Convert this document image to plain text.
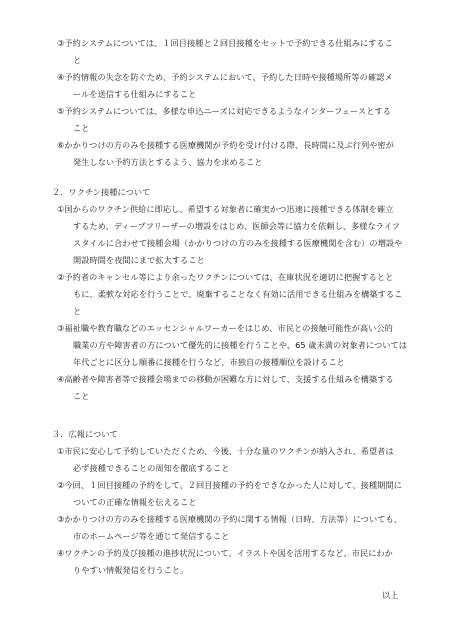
③予約システムについては、１回目接種と２回目接種をセットで予約できる仕組みにするこ
と
④予約情報の失念を防ぐため、予約システムにおいて、予約した日時や接種場所等の確認メ
ールを送信する仕組みにすること
⑤予約システムについては、多様な申込ニーズに対応できるようなインターフェースとする
こと
⑥かかりつけの方のみを接種する医療機関が予約を受け付ける際、長時間に及ぶ行列や密が
発生しない予約方法とするよう、協力を求めること
２．ワクチン接種について
①国からのワクチン供給に即応し、希望する対象者に確実かつ迅速に接種できる体制を確立
するため、ディープフリーザーの増設をはじめ、医師会等に協力を依頼し、多様なライフ
スタイルに合わせて接種会場（かかりつけの方のみを接種する医療機関を含む）の増設や
開設時間を夜間にまで拡大すること
②予約者のキャンセル等により余ったワクチンについては、在庫状況を適切に把握するとと
もに、柔軟な対応を行うことで、廃棄することなく有効に活用できる仕組みを構築するこ
と
③福祉職や教育職などのエッセンシャルワーカーをはじめ、市民との接触可能性が高い公的
職業の方や障害者の方について優先的に接種を行うことや、65 歳未満の対象者については
年代ごとに区分し順番に接種を行うなど、市独自の接種順位を設けること
④高齢者や障害者等で接種会場までの移動が困難な方に対して、支援する仕組みを構築する
こと
３．広報について
①市民に安心して予約していただくため、今後、十分な量のワクチンが納入され、希望者は
必ず接種できることの周知を徹底すること
②今回、１回目接種の予約をして、２回目接種の予約をできなかった人に対して、接種期間に
ついての正確な情報を伝えること
③かかりつけの方のみを接種する医療機関の予約に関する情報（日時、方法等）についても、
市のホームページ等を通じて発信すること
④ワクチンの予約及び接種の進捗状況について、イラストや図を活用するなど、市民にわか
りやすい情報発信を行うこと。
以上
